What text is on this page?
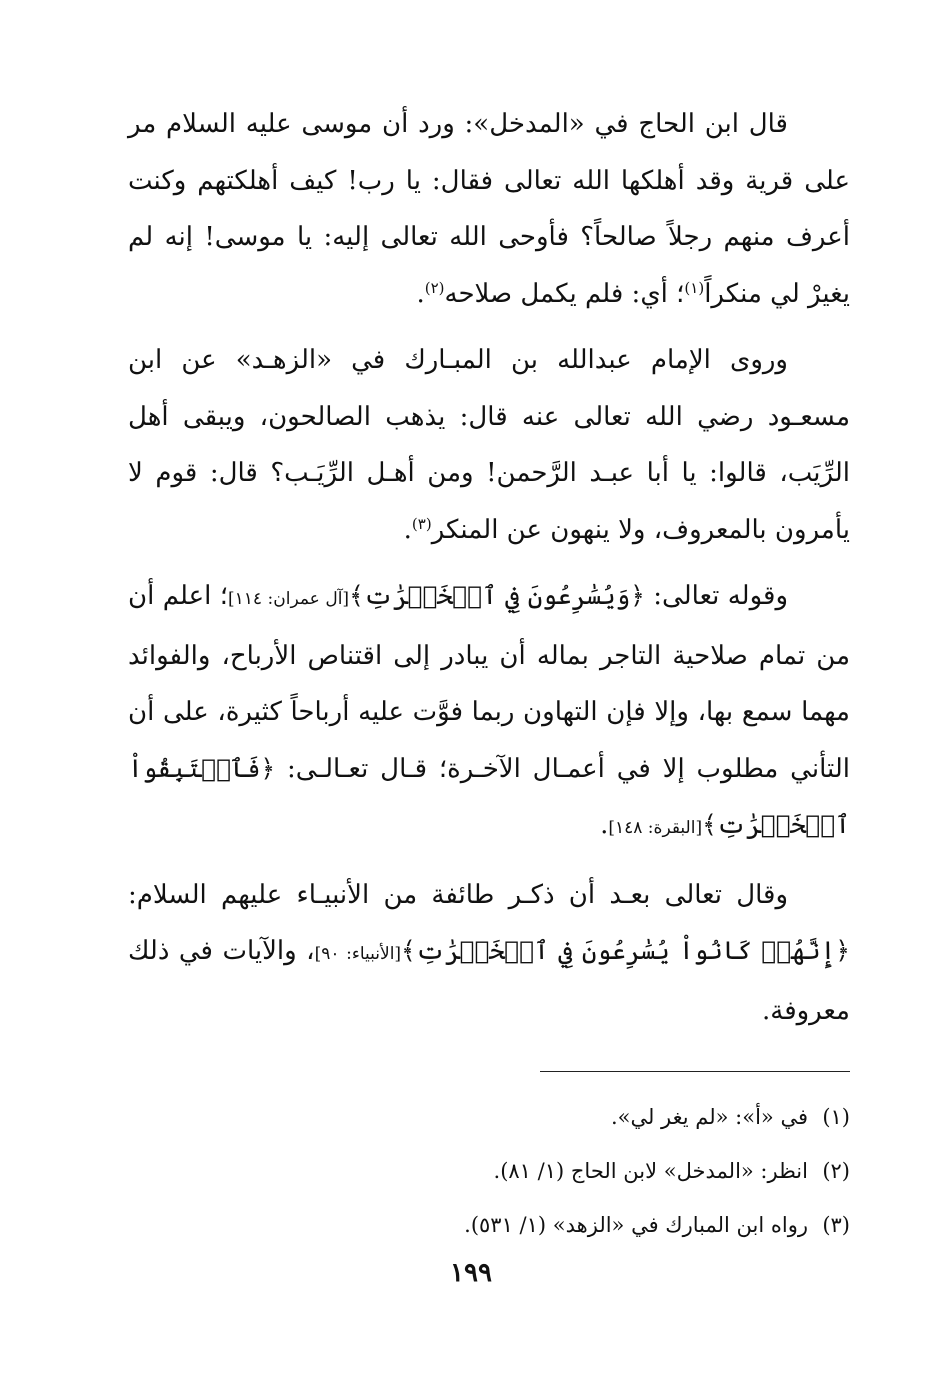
قال ابن الحاج في «المدخل»: ورد أن موسى عليه السلام مر على قرية وقد أهلكها الله تعالى فقال: يا رب! كيف أهلكتهم وكنت أعرف منهم رجلاً صالحاً؟ فأوحى الله تعالى إليه: يا موسى! إنه لم يغيرْ لي منكراً$^{(١)}$؛ أي: فلم يكمل صلاحه$^{(٢)}$.

وروى الإمام عبدالله بن المبـارك في «الزهـد» عن ابن مسعـود رضي الله تعالى عنه قال: يذهب الصالحون، ويبقى أهل الرِّيَب، قالوا: يا أبا عبـد الرَّحمن! ومن أهـل الرِّيَـب؟ قال: قوم لا يأمرون بالمعروف، ولا ينهون عن المنكر$^{(٣)}$.

وقوله تعالى: ﴿وَيُسَٰرِعُونَ فِي ٱلۡخَيۡرَٰتِ﴾[آل عمران: ١١٤]؛ اعلم أن من تمام صلاحية التاجر بماله أن يبادر إلى اقتناص الأرباح، والفوائد مهما سمع بها، وإلا فإن التهاون ربما فوَّت عليه أرباحاً كثيرة، على أن التأني مطلوب إلا في أعمـال الآخـرة؛ قـال تعـالـى: ﴿فَٱسۡتَبِقُواْ ٱلۡخَيۡرَٰتِ﴾[البقرة: ١٤٨].

وقال تعالى بعـد أن ذكـر طائفة من الأنبيـاء عليهم السلام: ﴿إِنَّهُمۡ كَانُواْ يُسَٰرِعُونَ فِي ٱلۡخَيۡرَٰتِ﴾[الأنبياء: ٩٠]، والآيات في ذلك معروفة.

(١)في «أ»: «لم يغر لي».
(٢)انظر: «المدخل» لابن الحاج (١/ ٨١).
(٣)رواه ابن المبارك في «الزهد» (١/ ٥٣١).
١٩٩
